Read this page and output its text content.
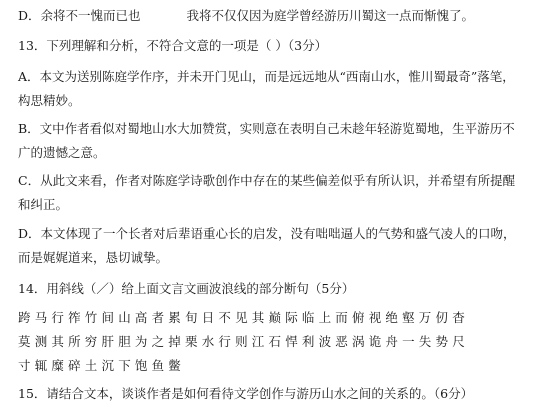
D．余将不一愧而已也	我将不仅仅因为庭学曾经游历川蜀这一点而惭愧了。
13．下列理解和分析，不符合文意的一项是（ ）（3分）
A．本文为送别陈庭学作序，并未开门见山，而是远远地从“西南山水，惟川蜀最奇”落笔，
构思精妙。
B．文中作者看似对蜀地山水大加赞赏，实则意在表明自己未趁年轻游览蜀地，生平游历不
广的遗憾之意。
C．从此文来看，作者对陈庭学诗歌创作中存在的某些偏差似乎有所认识，并希望有所提醒
和纠正。
D．本文体现了一个长者对后辈语重心长的启发，没有咄咄逼人的气势和盛气凌人的口吻，
而是娓娓道来，恳切诚挚。
14．用斜线（／）给上面文言文画波浪线的部分断句（5分）
跨马行筰竹间山高者累旬日不见其巅际临上而俯视绝壑万仞杳
莫测其所穷肝胆为之掉栗水行则江石悍利波恶涡诡舟一失势尺
寸辄糜碎土沉下饱鱼鳖
15．请结合文本，谈谈作者是如何看待文学创作与游历山水之间的关系的。（6分）
